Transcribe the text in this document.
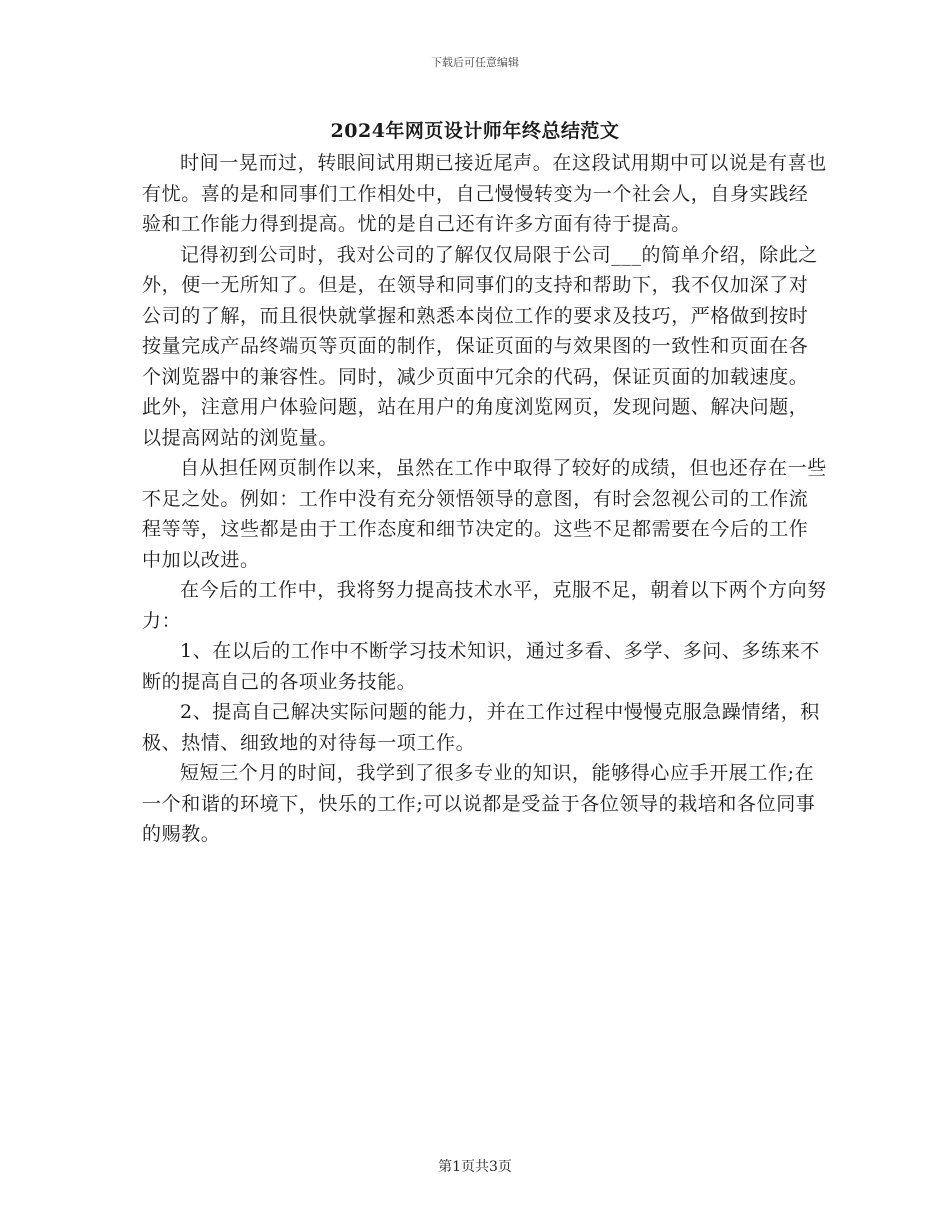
下载后可任意编辑
2024年网页设计师年终总结范文

时间一晃而过，转眼间试用期已接近尾声。在这段试用期中可以说是有喜也有忧。喜的是和同事们工作相处中，自己慢慢转变为一个社会人，自身实践经验和工作能力得到提高。忧的是自己还有许多方面有待于提高。

记得初到公司时，我对公司的了解仅仅局限于公司___的简单介绍，除此之外，便一无所知了。但是，在领导和同事们的支持和帮助下，我不仅加深了对公司的了解，而且很快就掌握和熟悉本岗位工作的要求及技巧，严格做到按时按量完成产品终端页等页面的制作，保证页面的与效果图的一致性和页面在各个浏览器中的兼容性。同时，减少页面中冗余的代码，保证页面的加载速度。此外，注意用户体验问题，站在用户的角度浏览网页，发现问题、解决问题，以提高网站的浏览量。

自从担任网页制作以来，虽然在工作中取得了较好的成绩，但也还存在一些不足之处。例如：工作中没有充分领悟领导的意图，有时会忽视公司的工作流程等等，这些都是由于工作态度和细节决定的。这些不足都需要在今后的工作中加以改进。

在今后的工作中，我将努力提高技术水平，克服不足，朝着以下两个方向努力：

1、在以后的工作中不断学习技术知识，通过多看、多学、多问、多练来不断的提高自己的各项业务技能。

2、提高自己解决实际问题的能力，并在工作过程中慢慢克服急躁情绪，积极、热情、细致地的对待每一项工作。

短短三个月的时间，我学到了很多专业的知识，能够得心应手开展工作;在一个和谐的环境下，快乐的工作;可以说都是受益于各位领导的栽培和各位同事的赐教。

第1页共3页
